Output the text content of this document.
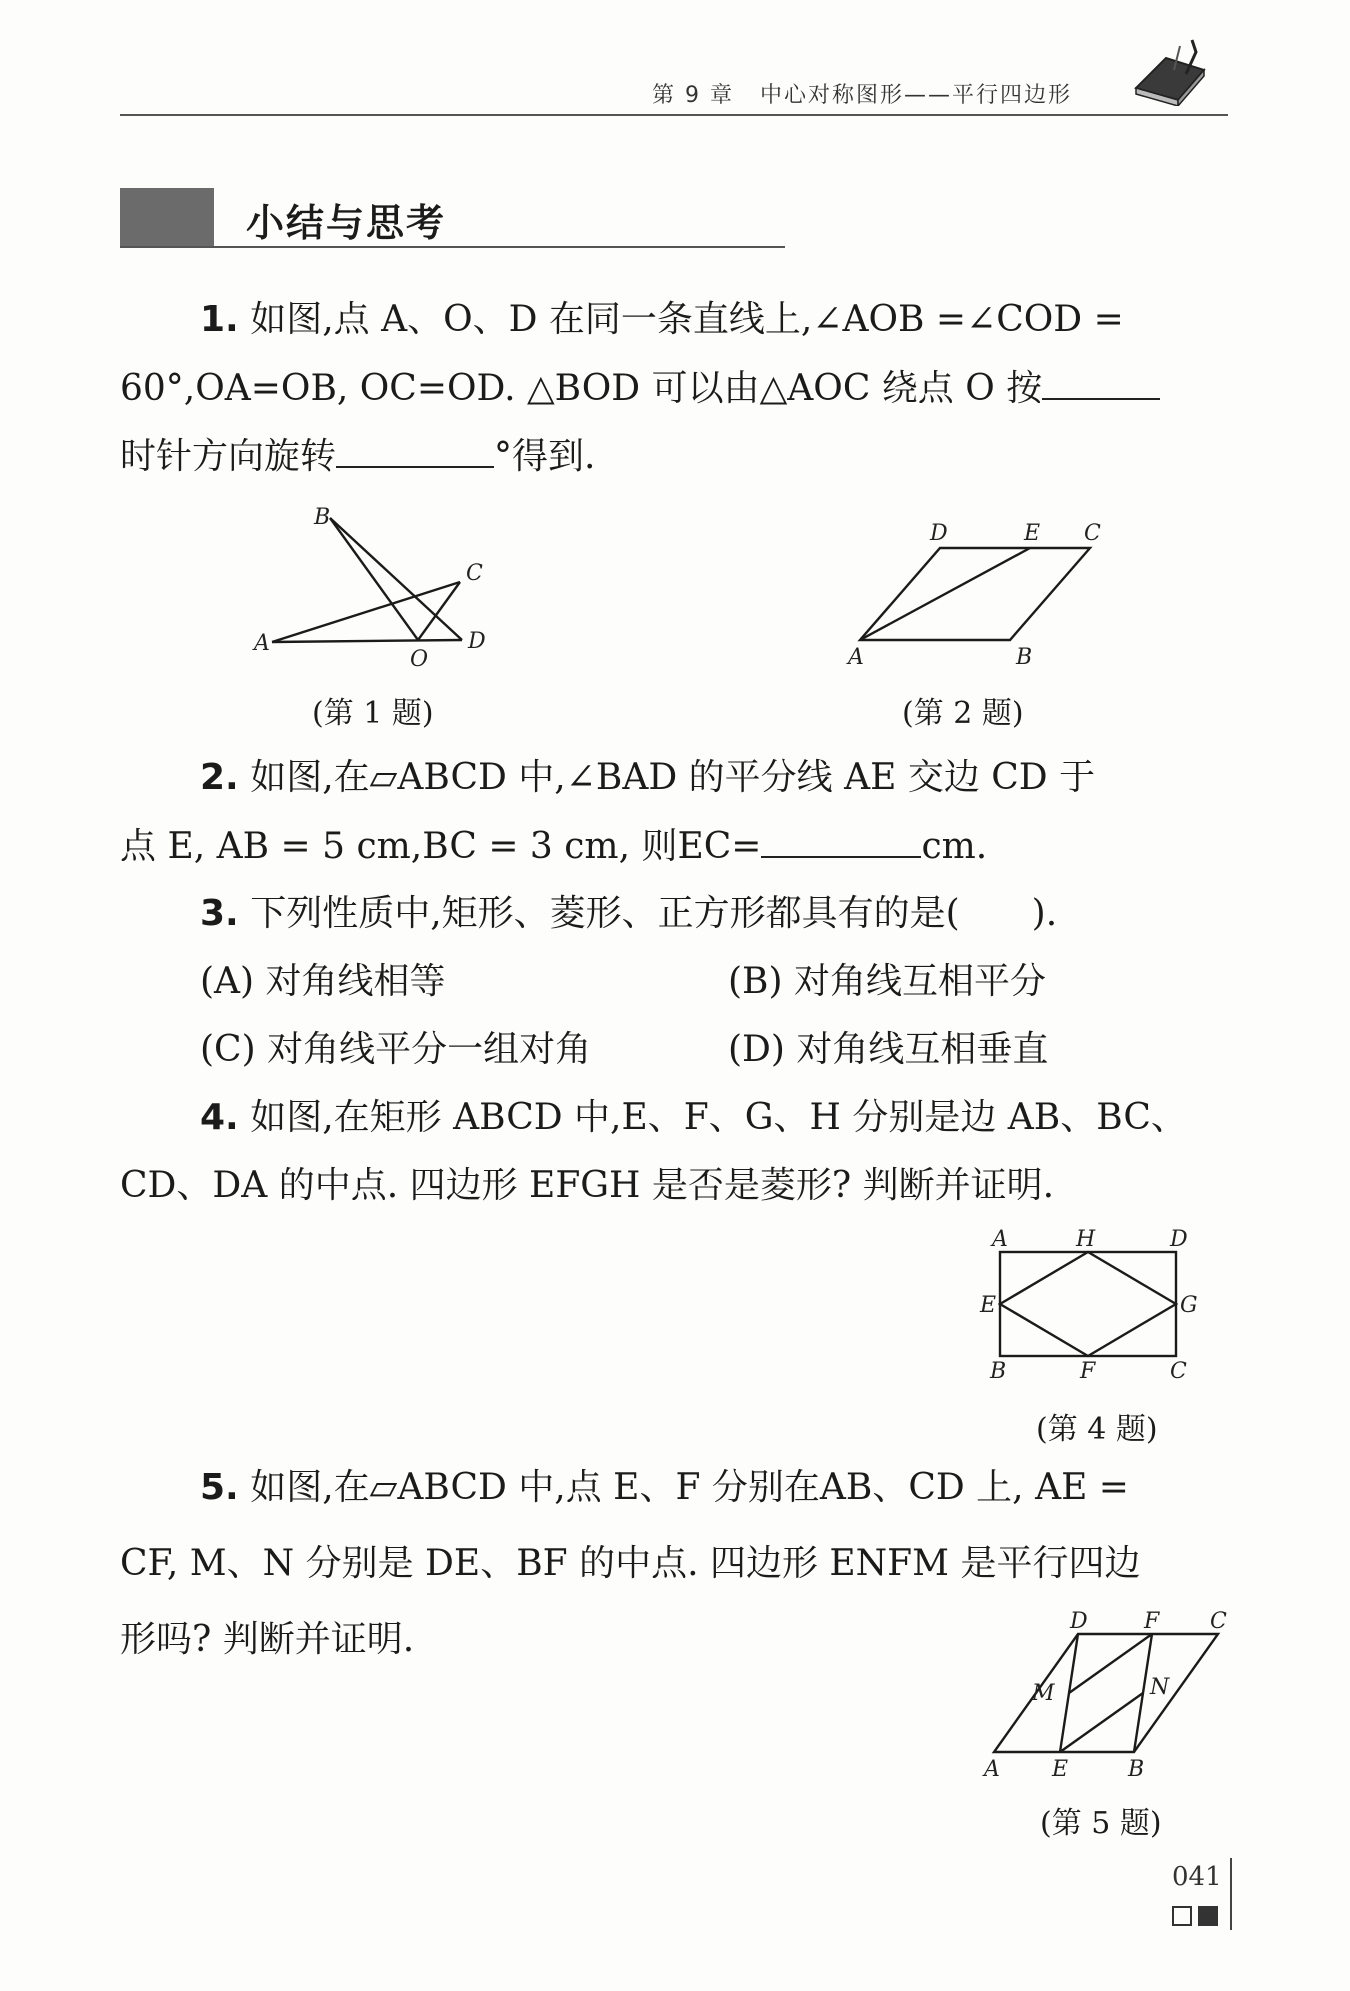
第 9 章 中心对称图形——平行四边形
小结与思考
1. 如图,点 A、O、D 在同一条直线上,∠AOB =∠COD =
60°,OA=OB, OC=OD. △BOD 可以由△AOC 绕点 O 按
时针方向旋转	°得到.
B
C
A
O
D
(第 1 题)
D	E C
A	B
(第 2 题)
2. 如图,在▱ABCD 中,∠BAD 的平分线 AE 交边 CD 于
点 E, AB = 5 cm,BC = 3 cm, 则EC=	cm.
3. 下列性质中,矩形、菱形、正方形都具有的是(　　).
(A) 对角线相等	(B) 对角线互相平分
(C) 对角线平分一组对角	(D) 对角线互相垂直
4. 如图,在矩形 ABCD 中,E、F、G、H 分别是边 AB、BC、
CD、DA 的中点. 四边形 EFGH 是否是菱形? 判断并证明.
A	H	D
E	G
B	F	C
(第 4 题)
5. 如图,在▱ABCD 中,点 E、F 分别在AB、CD 上, AE =
CF, M、N 分别是 DE、BF 的中点. 四边形 ENFM 是平行四边
形吗? 判断并证明.	D	F C
M	N
A E	B
(第 5 题)
041
